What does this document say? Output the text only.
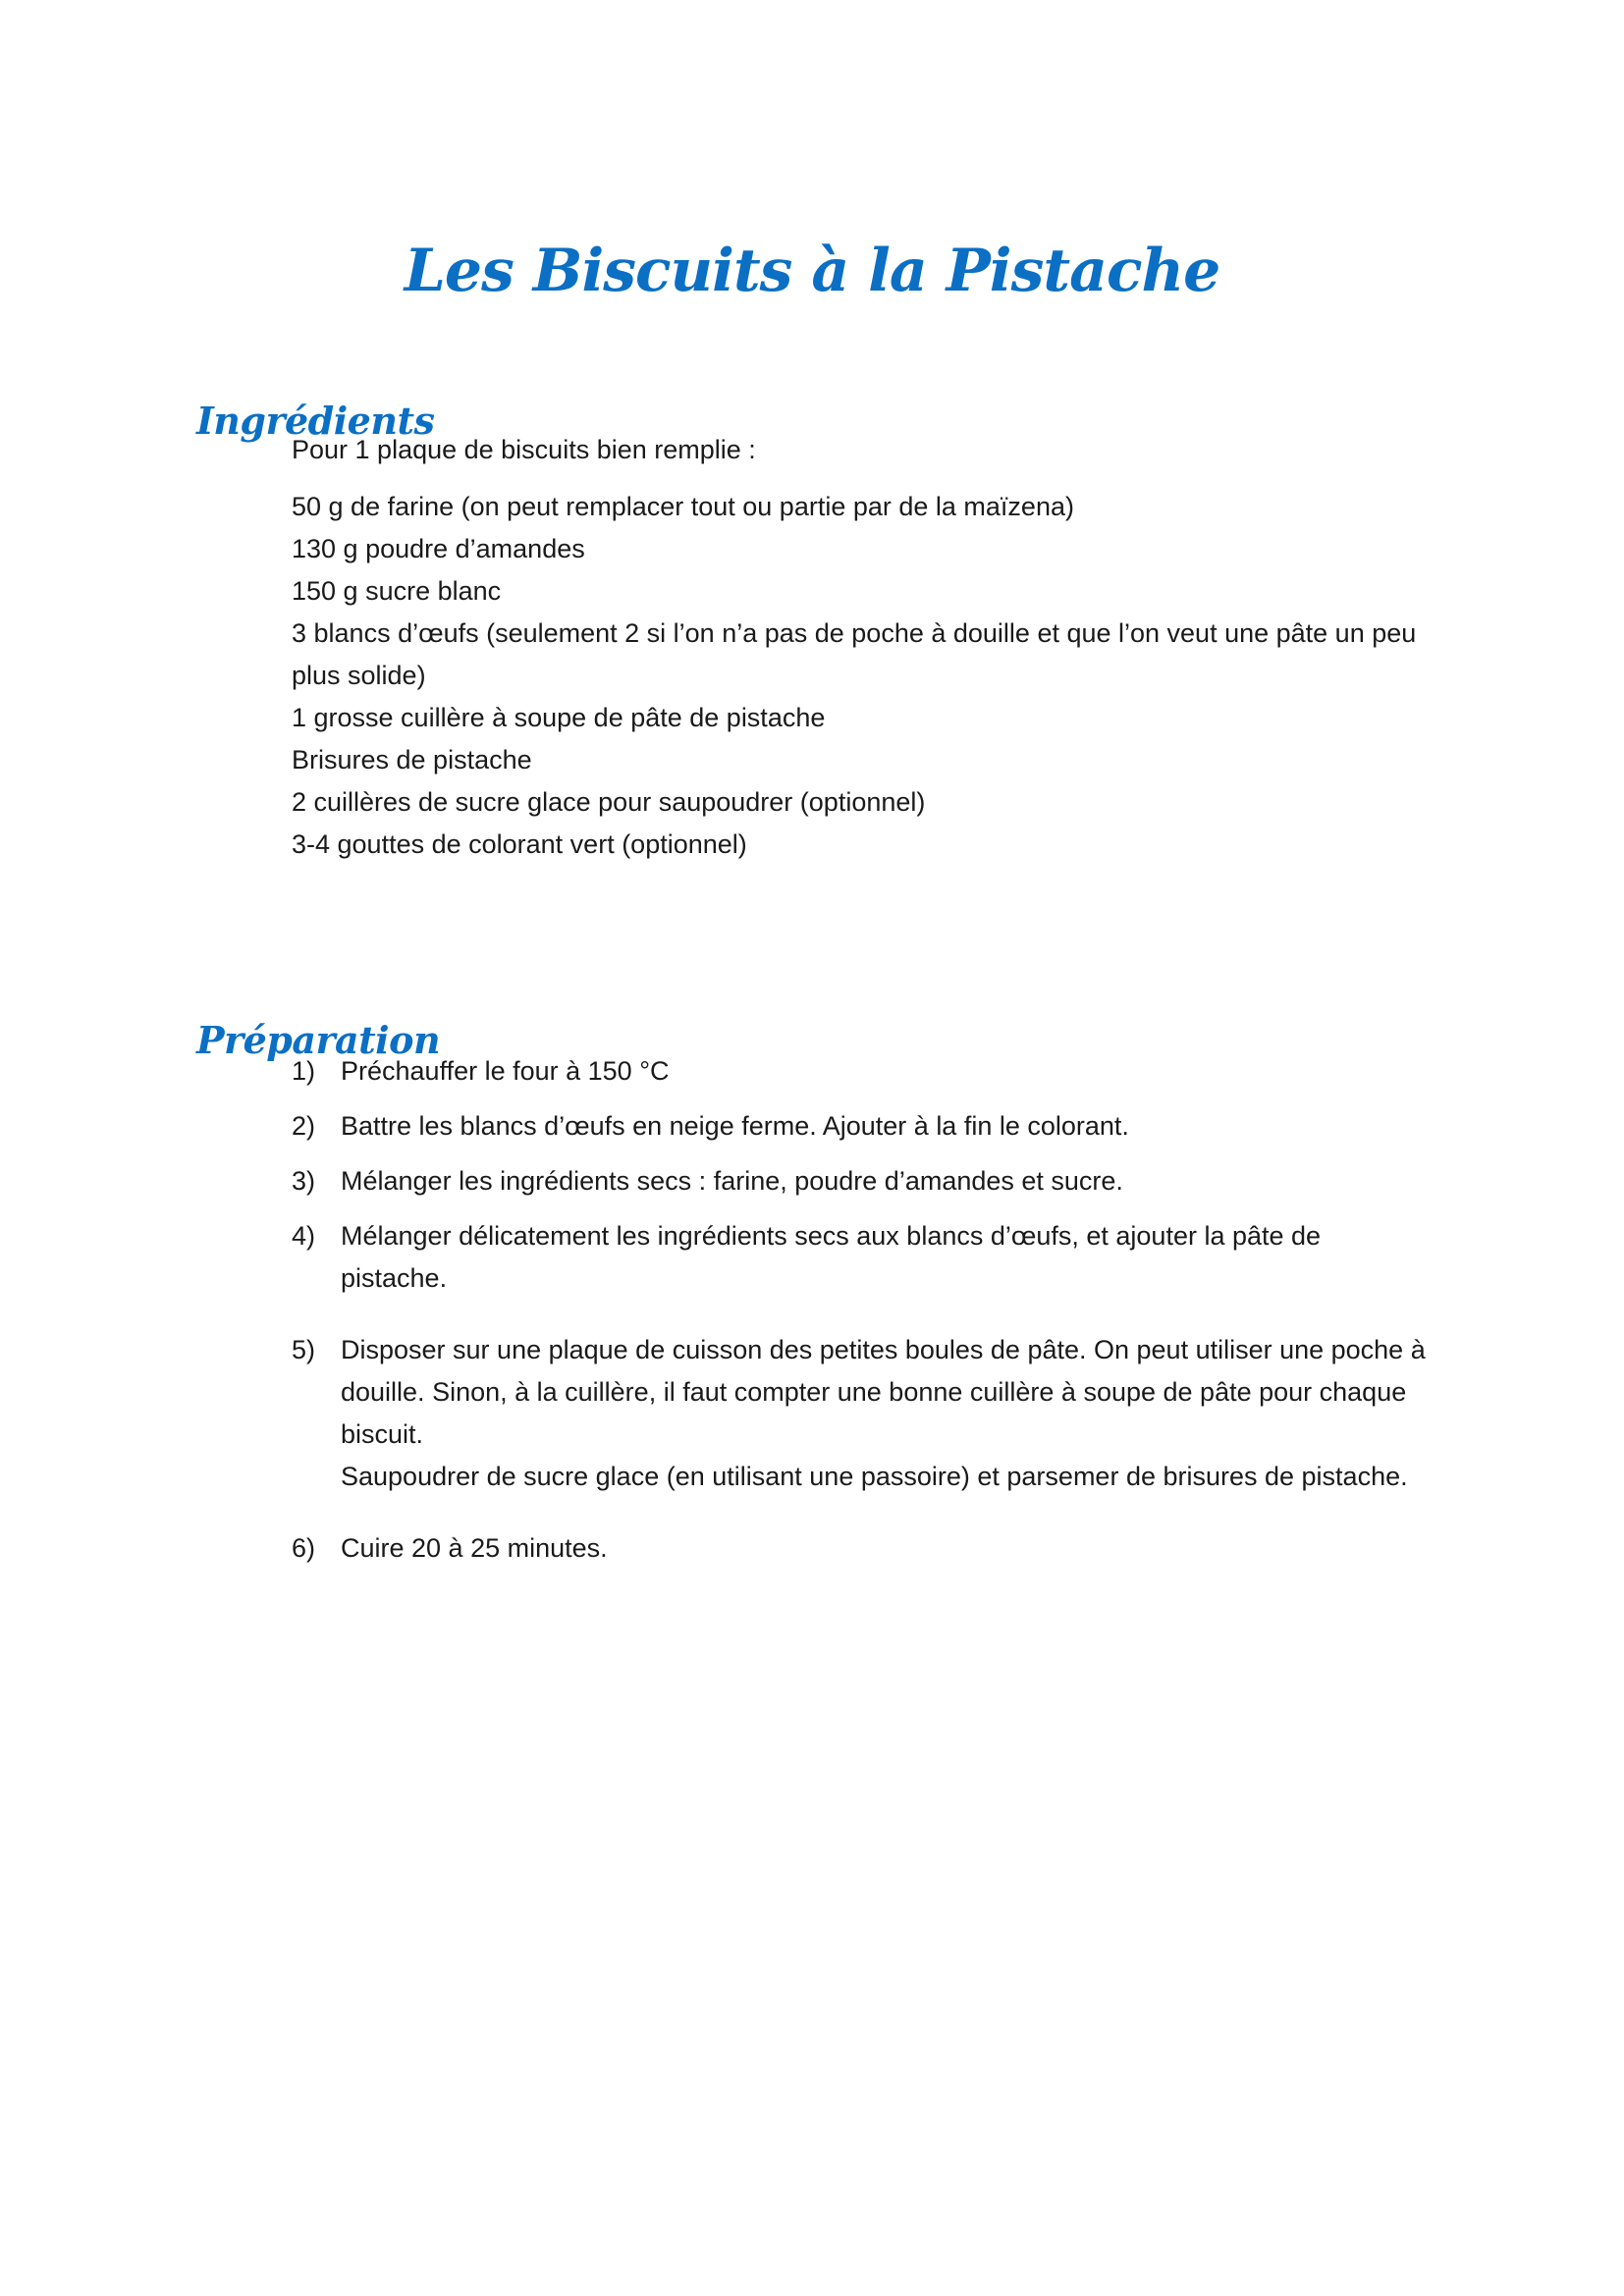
Les Biscuits à la Pistache
Ingrédients
Pour 1 plaque de biscuits bien remplie :
50 g de farine (on peut remplacer tout ou partie par de la maïzena)
130 g poudre d’amandes
150 g sucre blanc
3 blancs d’œufs (seulement 2 si l’on n’a pas de poche à douille et que l’on veut une pâte un peu plus solide)
1 grosse cuillère à soupe de pâte de pistache
Brisures de pistache
2 cuillères de sucre glace pour saupoudrer (optionnel)
3-4 gouttes de colorant vert (optionnel)
Préparation
1) Préchauffer le four à 150 °C
2) Battre les blancs d’œufs en neige ferme. Ajouter à la fin le colorant.
3) Mélanger les ingrédients secs : farine, poudre d’amandes et sucre.
4) Mélanger délicatement les ingrédients secs aux blancs d’œufs, et ajouter la pâte de pistache.
5) Disposer sur une plaque de cuisson des petites boules de pâte. On peut utiliser une poche à douille. Sinon, à la cuillère, il faut compter une bonne cuillère à soupe de pâte pour chaque biscuit.
Saupoudrer de sucre glace (en utilisant une passoire) et parsemer de brisures de pistache.
6) Cuire 20 à 25 minutes.
